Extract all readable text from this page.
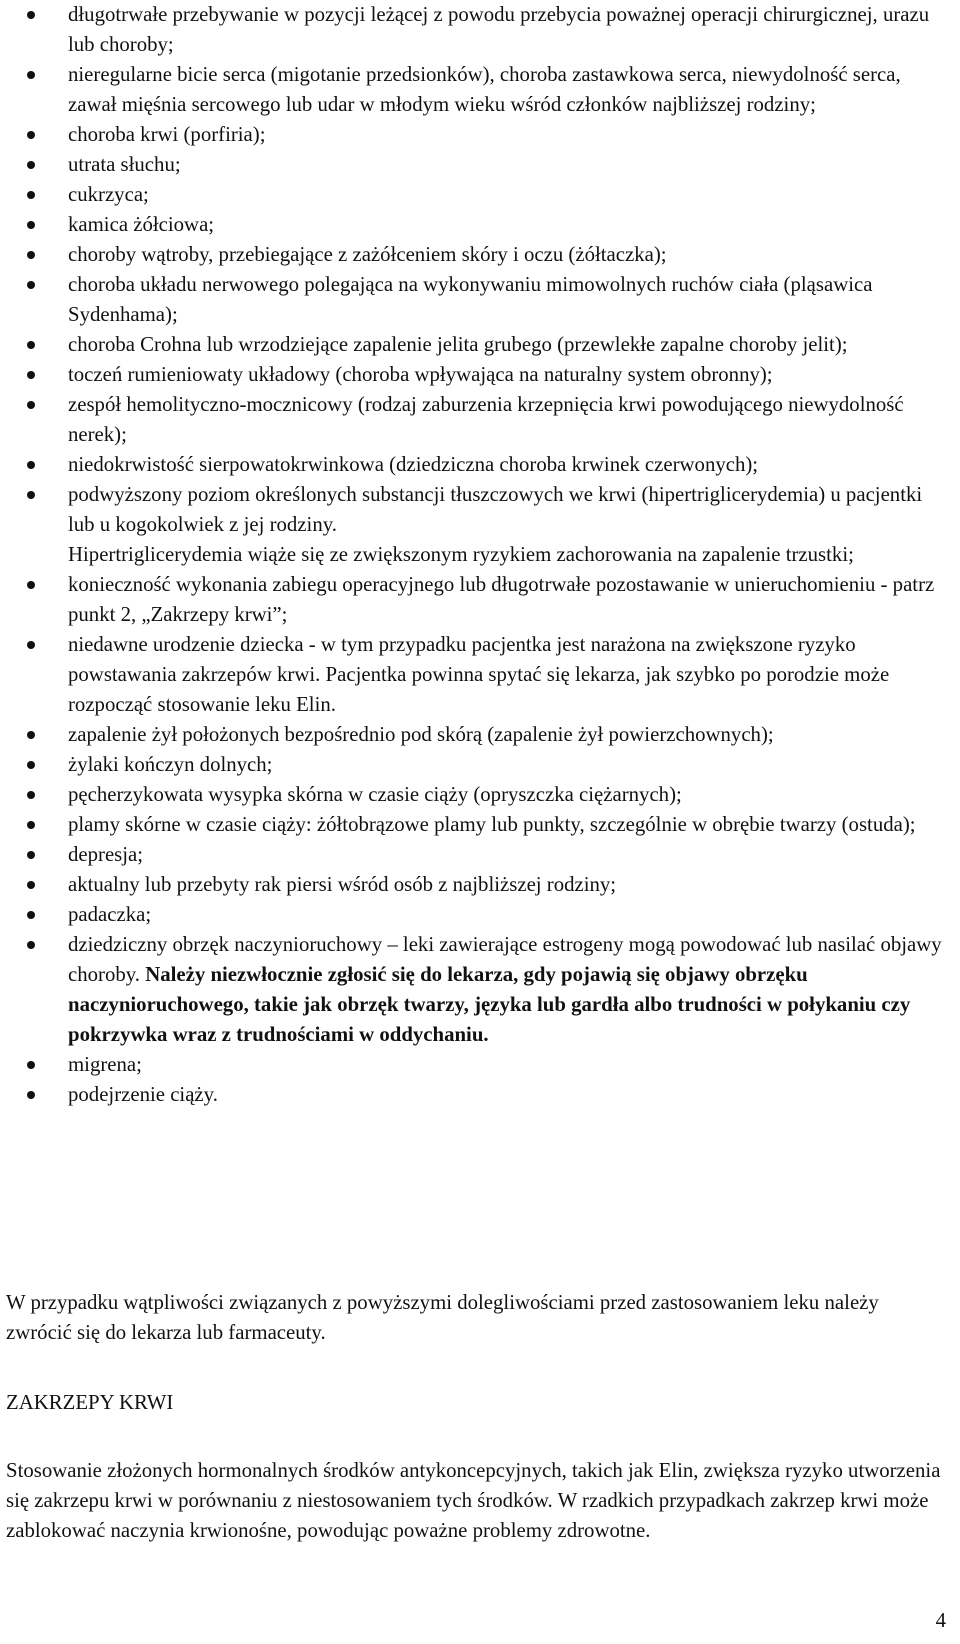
długotrwałe przebywanie w pozycji leżącej z powodu przebycia poważnej operacji chirurgicznej, urazu lub choroby;
nieregularne bicie serca (migotanie przedsionków), choroba zastawkowa serca, niewydolność serca, zawał mięśnia sercowego lub udar w młodym wieku wśród członków najbliższej rodziny;
choroba krwi (porfiria);
utrata słuchu;
cukrzyca;
kamica żółciowa;
choroby wątroby, przebiegające z zażółceniem skóry i oczu (żółtaczka);
choroba układu nerwowego polegająca na wykonywaniu mimowolnych ruchów ciała (pląsawica Sydenhama);
choroba Crohna lub wrzodziejące zapalenie jelita grubego (przewlekłe zapalne choroby jelit);
toczeń rumieniowaty układowy (choroba wpływająca na naturalny system obronny);
zespół hemolityczno-mocznicowy (rodzaj zaburzenia krzepnięcia krwi powodującego niewydolność nerek);
niedokrwistość sierpowatokrwinkowa (dziedziczna choroba krwinek czerwonych);
podwyższony poziom określonych substancji tłuszczowych we krwi (hipertriglicerydemia) u pacjentki lub u kogokolwiek z jej rodziny.
Hipertriglicerydemia wiąże się ze zwiększonym ryzykiem zachorowania na zapalenie trzustki;
konieczność wykonania zabiegu operacyjnego lub długotrwałe pozostawanie w unieruchomieniu - patrz punkt 2, „Zakrzepy krwi”;
niedawne urodzenie dziecka - w tym przypadku pacjentka jest narażona na zwiększone ryzyko powstawania zakrzepów krwi. Pacjentka powinna spytać się lekarza, jak szybko po porodzie może rozpocząć stosowanie leku Elin.
zapalenie żył położonych bezpośrednio pod skórą (zapalenie żył powierzchownych);
żylaki kończyn dolnych;
pęcherzykowata wysypka skórna w czasie ciąży (opryszczka ciężarnych);
plamy skórne w czasie ciąży: żółtobrązowe plamy lub punkty, szczególnie w obrębie twarzy (ostuda);
depresja;
aktualny lub przebyty rak piersi wśród osób z najbliższej rodziny;
padaczka;
dziedziczny obrzęk naczynioruchowy – leki zawierające estrogeny mogą powodować lub nasilać objawy choroby. Należy niezwłocznie zgłosić się do lekarza, gdy pojawią się objawy obrzęku naczynioruchowego, takie jak obrzęk twarzy, języka lub gardła albo trudności w połykaniu czy pokrzywka wraz z trudnościami w oddychaniu.
migrena;
podejrzenie ciąży.

W przypadku wątpliwości związanych z powyższymi dolegliwościami przed zastosowaniem leku należy zwrócić się do lekarza lub farmaceuty.

ZAKRZEPY KRWI

Stosowanie złożonych hormonalnych środków antykoncepcyjnych, takich jak Elin, zwiększa ryzyko utworzenia się zakrzepu krwi w porównaniu z niestosowaniem tych środków. W rzadkich przypadkach zakrzep krwi może zablokować naczynia krwionośne, powodując poważne problemy zdrowotne.

4
